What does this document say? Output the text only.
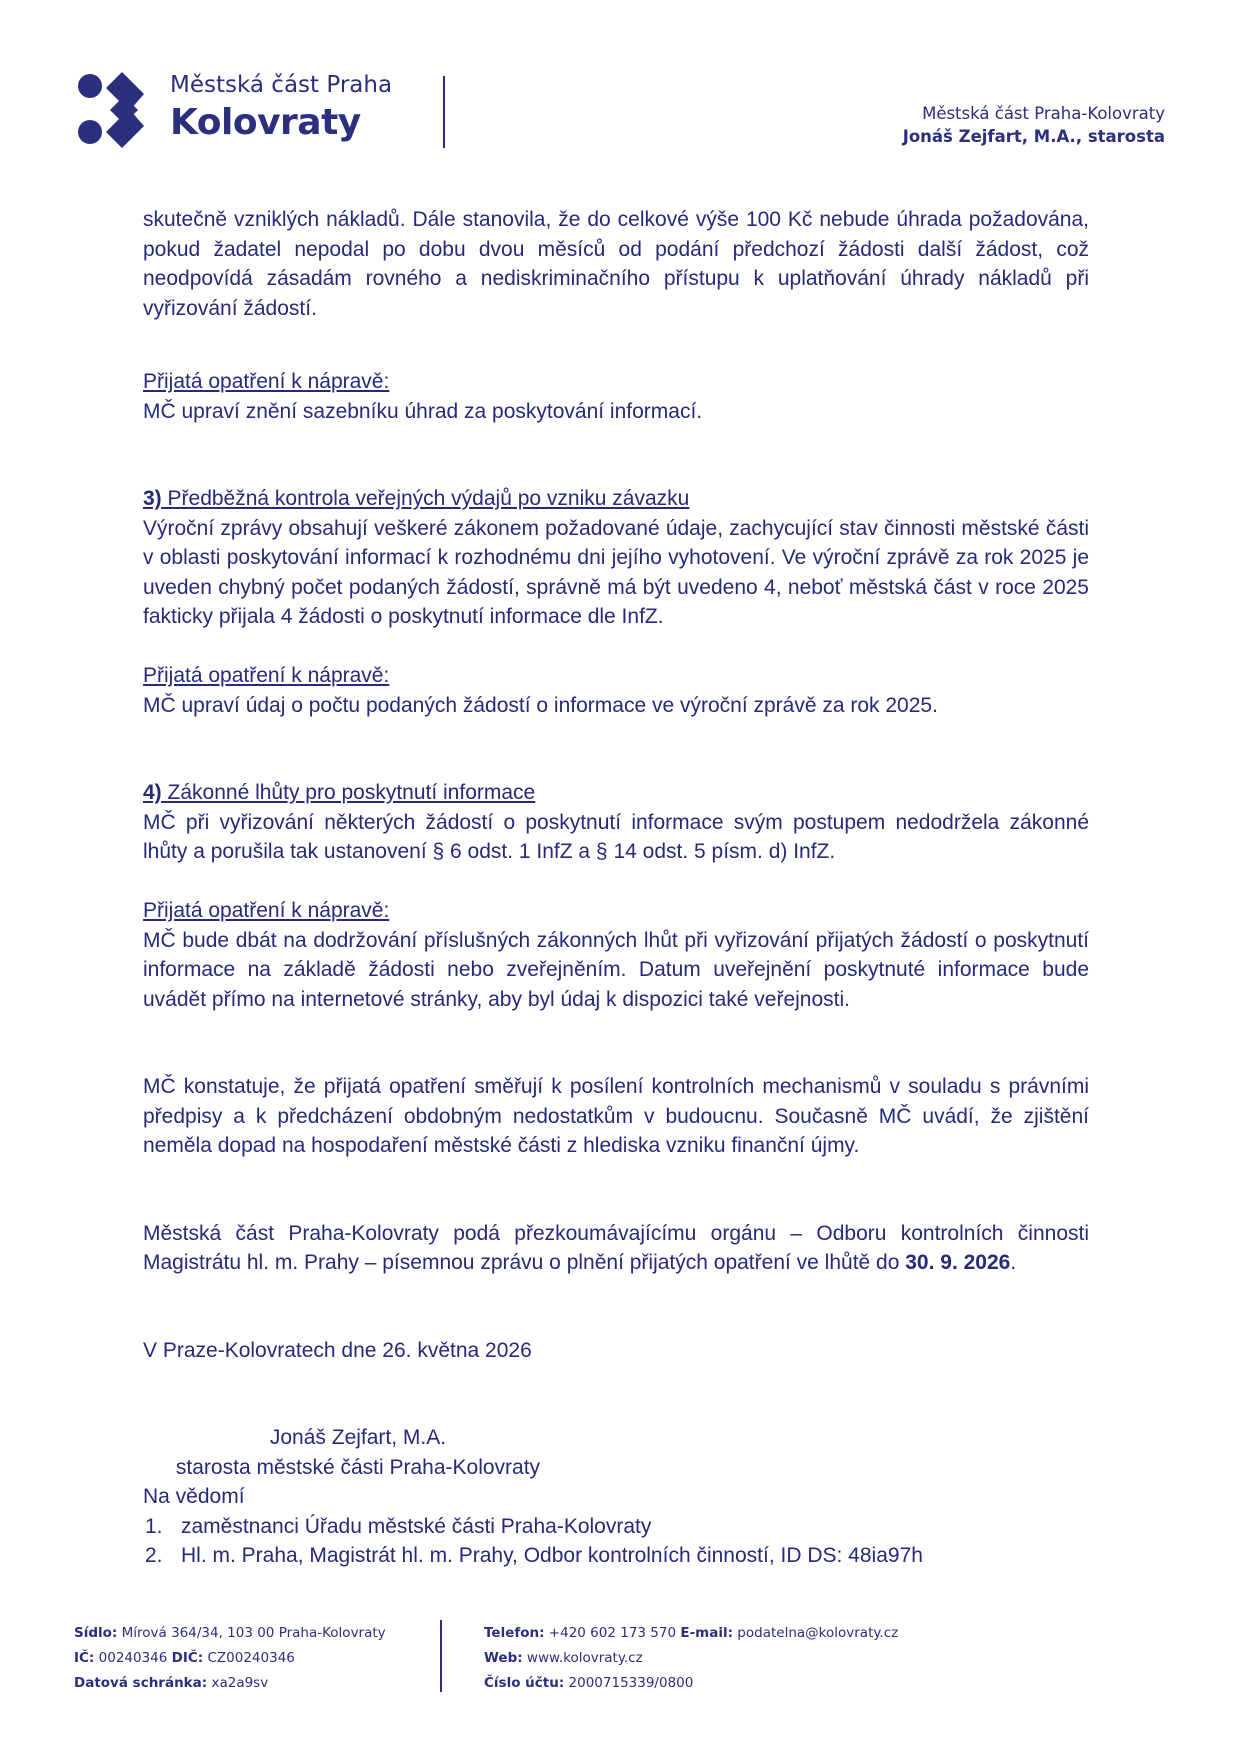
Městská část Praha
Kolovraty	Městská část Praha-Kolovraty
Jonáš Zejfart, M.A., starosta

skutečně vzniklých nákladů. Dále stanovila, že do celkové výše 100 Kč nebude úhrada požadována, pokud žadatel nepodal po dobu dvou měsíců od podání předchozí žádosti další žádost, což neodpovídá zásadám rovného a nediskriminačního přístupu k uplatňování úhrady nákladů při vyřizování žádostí.

Přijatá opatření k nápravě:

MČ upraví znění sazebníku úhrad za poskytování informací.

3) Předběžná kontrola veřejných výdajů po vzniku závazku

Výroční zprávy obsahují veškeré zákonem požadované údaje, zachycující stav činnosti městské části v oblasti poskytování informací k rozhodnému dni jejího vyhotovení. Ve výroční zprávě za rok 2025 je uveden chybný počet podaných žádostí, správně má být uvedeno 4, neboť městská část v roce 2025 fakticky přijala 4 žádosti o poskytnutí informace dle InfZ.

Přijatá opatření k nápravě:

MČ upraví údaj o počtu podaných žádostí o informace ve výroční zprávě za rok 2025.

4) Zákonné lhůty pro poskytnutí informace

MČ při vyřizování některých žádostí o poskytnutí informace svým postupem nedodržela zákonné lhůty a porušila tak ustanovení § 6 odst. 1 InfZ a § 14 odst. 5 písm. d) InfZ.

Přijatá opatření k nápravě:

MČ bude dbát na dodržování příslušných zákonných lhůt při vyřizování přijatých žádostí o poskytnutí informace na základě žádosti nebo zveřejněním. Datum uveřejnění poskytnuté informace bude uvádět přímo na internetové stránky, aby byl údaj k dispozici také veřejnosti.

MČ konstatuje, že přijatá opatření směřují k posílení kontrolních mechanismů v souladu s právními předpisy a k předcházení obdobným nedostatkům v budoucnu. Současně MČ uvádí, že zjištění neměla dopad na hospodaření městské části z hlediska vzniku finanční újmy.

Městská část Praha-Kolovraty podá přezkoumávajícímu orgánu – Odboru kontrolních činnosti Magistrátu hl. m. Prahy – písemnou zprávu o plnění přijatých opatření ve lhůtě do 30. 9. 2026.

V Praze-Kolovratech dne 26. května 2026

Jonáš Zejfart, M.A.

starosta městské části Praha-Kolovraty

Na vědomí

1. zaměstnanci Úřadu městské části Praha-Kolovraty
2. Hl. m. Praha, Magistrát hl. m. Prahy, Odbor kontrolních činností, ID DS: 48ia97h
Sídlo: Mírová 364/34, 103 00 Praha-Kolovraty
IČ: 00240346 DIČ: CZ00240346
Datová schránka: xa2a9sv
Telefon: +420 602 173 570 E-mail: podatelna@kolovraty.cz
Web: www.kolovraty.cz
Číslo účtu: 2000715339/0800
